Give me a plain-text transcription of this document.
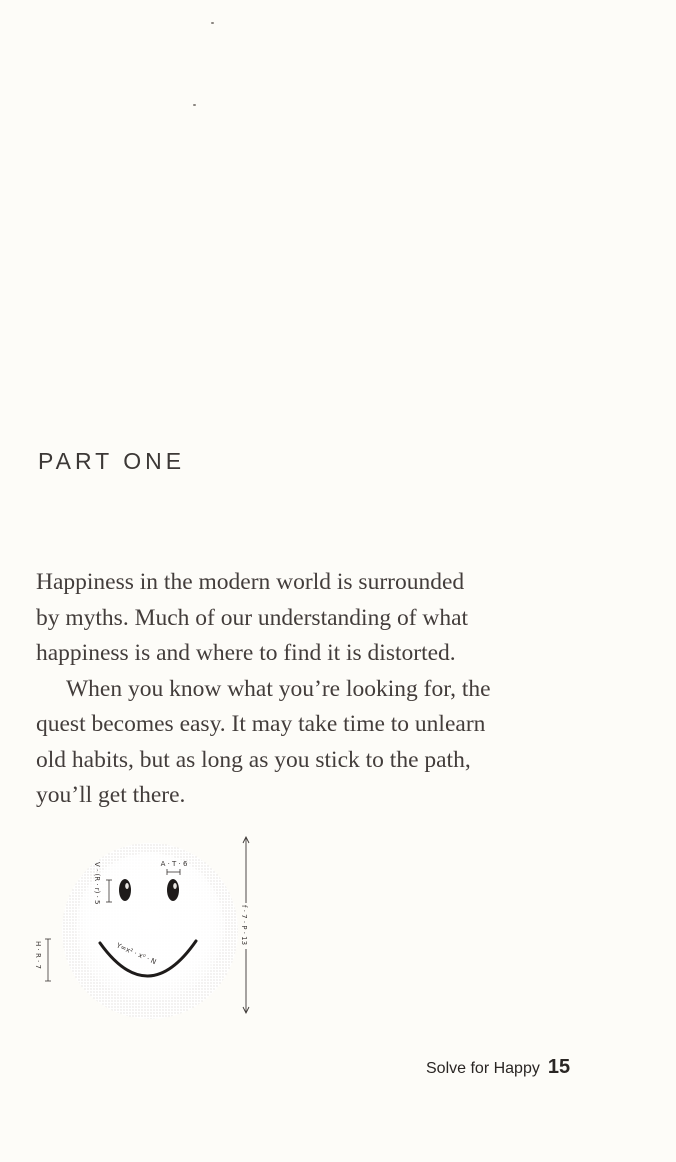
PART ONE

Happiness in the modern world is surrounded
by myths. Much of our understanding of what
happiness is and where to find it is distorted.

When you know what you’re looking for, the
quest becomes easy. It may take time to unlearn
old habits, but as long as you stick to the path,
you’ll get there.

A · T · 6
V · (R · r) · 5
Y=x² · x⁰ · N
H · R · 7
f · 7 · P · 13
Solve for Happy 15
